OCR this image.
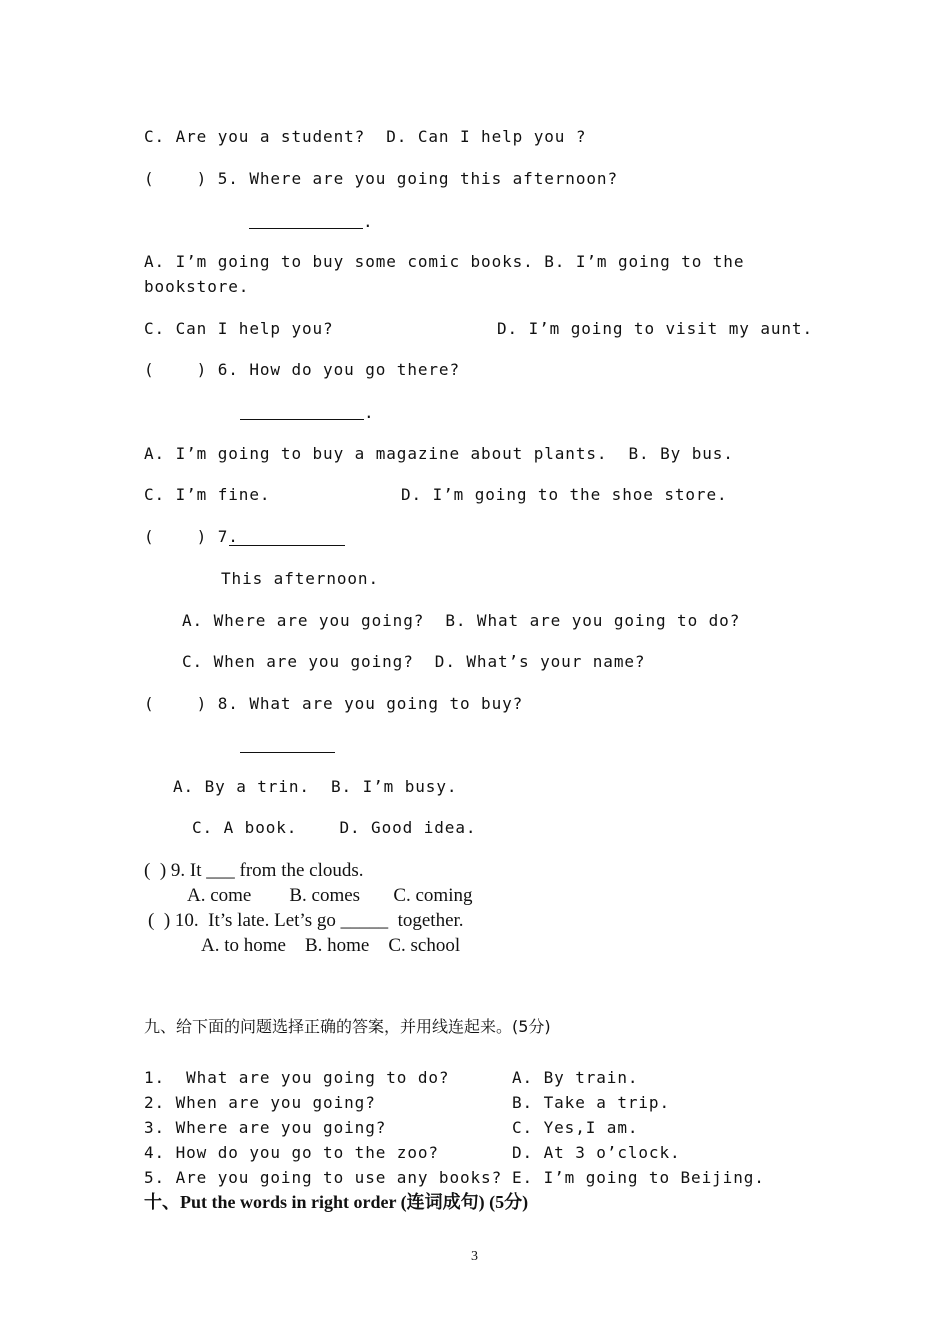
C. Are you a student?  D. Can I help you ?
(    ) 5. Where are you going this afternoon?
.
A. I’m going to buy some comic books. B. I’m going to the
bookstore.
C. Can I help you?	D. I’m going to visit my aunt.
(    ) 6. How do you go there?
.
A. I’m going to buy a magazine about plants.  B. By bus.
C. I’m fine.	D. I’m going to the shoe store.
(    ) 7.
This afternoon.
A. Where are you going?  B. What are you going to do?
C. When are you going?  D. What’s your name?
(    ) 8. What are you going to buy?
A. By a trin.  B. I’m busy.
C. A book.    D. Good idea.
(  ) 9. It ___ from the clouds.
A. come        B. comes       C. coming
(  ) 10.  It’s late. Let’s go _____  together.
A. to home    B. home    C. school
九、给下面的问题选择正确的答案，并用线连起来。(5分)
1.  What are you going to do?
2. When are you going?
3. Where are you going?
4. How do you go to the zoo?
5. Are you going to use any books?
A. By train.
B. Take a trip.
C. Yes,I am.
D. At 3 o’clock.
E. I’m going to Beijing.
十、Put the words in right order (连词成句) (5分)
3
